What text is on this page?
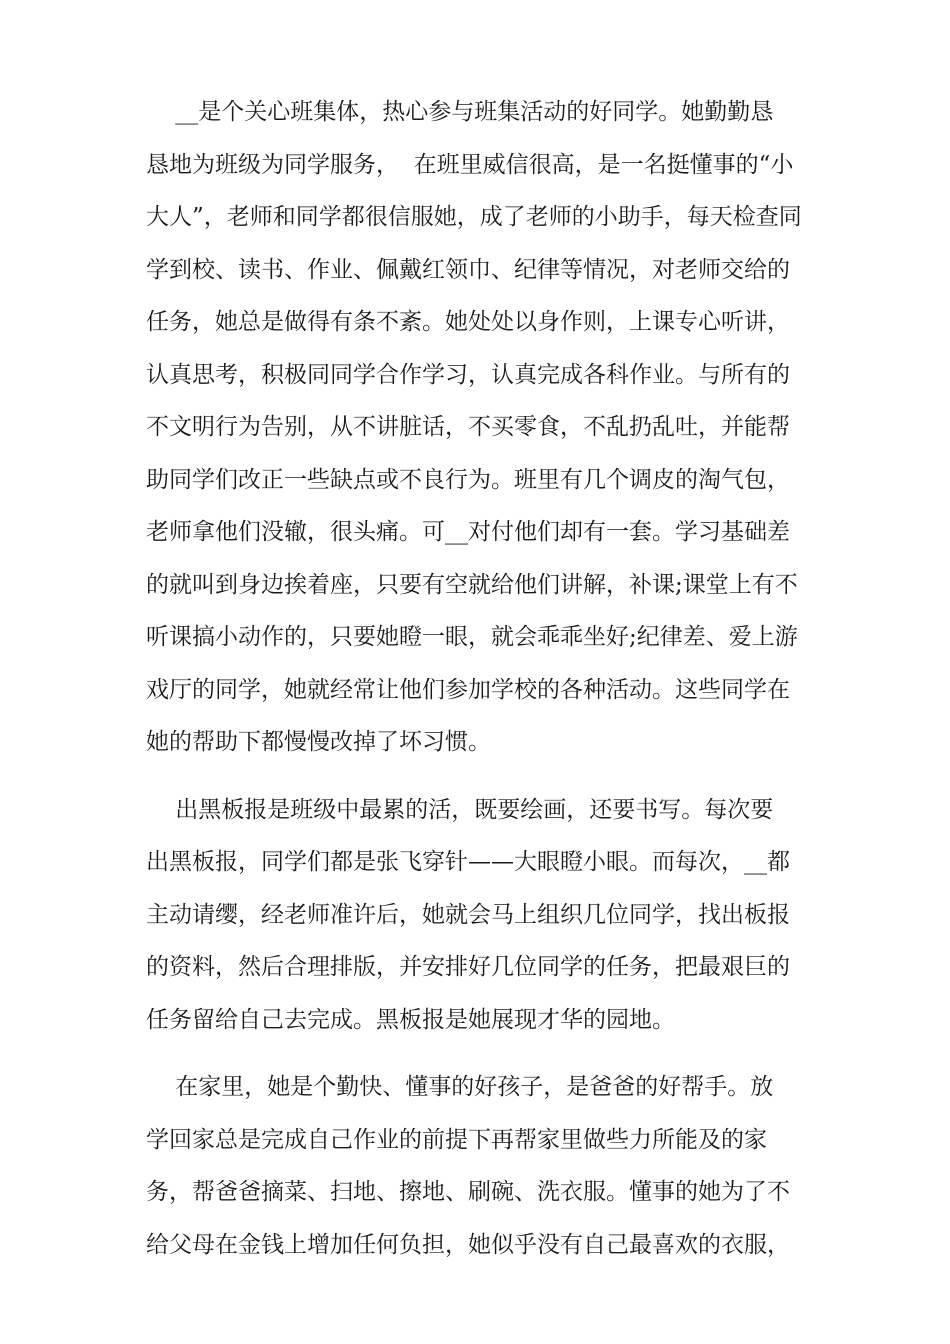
__是个关心班集体，热心参与班集活动的好同学。她勤勤恳
恳地为班级为同学服务，  在班里威信很高，是一名挺懂事的“小
大人”，老师和同学都很信服她，成了老师的小助手，每天检查同
学到校、读书、作业、佩戴红领巾、纪律等情况，对老师交给的
任务，她总是做得有条不紊。她处处以身作则，上课专心听讲，
认真思考，积极同同学合作学习，认真完成各科作业。与所有的
不文明行为告别，从不讲脏话，不买零食，不乱扔乱吐，并能帮
助同学们改正一些缺点或不良行为。班里有几个调皮的淘气包，
老师拿他们没辙，很头痛。可__对付他们却有一套。学习基础差
的就叫到身边挨着座，只要有空就给他们讲解，补课;课堂上有不
听课搞小动作的，只要她瞪一眼，就会乖乖坐好;纪律差、爱上游
戏厅的同学，她就经常让他们参加学校的各种活动。这些同学在
她的帮助下都慢慢改掉了坏习惯。
出黑板报是班级中最累的活，既要绘画，还要书写。每次要
出黑板报，同学们都是张飞穿针——大眼瞪小眼。而每次，__都
主动请缨，经老师准许后，她就会马上组织几位同学，找出板报
的资料，然后合理排版，并安排好几位同学的任务，把最艰巨的
任务留给自己去完成。黑板报是她展现才华的园地。
在家里，她是个勤快、懂事的好孩子，是爸爸的好帮手。放
学回家总是完成自己作业的前提下再帮家里做些力所能及的家
务，帮爸爸摘菜、扫地、擦地、刷碗、洗衣服。懂事的她为了不
给父母在金钱上增加任何负担，她似乎没有自己最喜欢的衣服，
